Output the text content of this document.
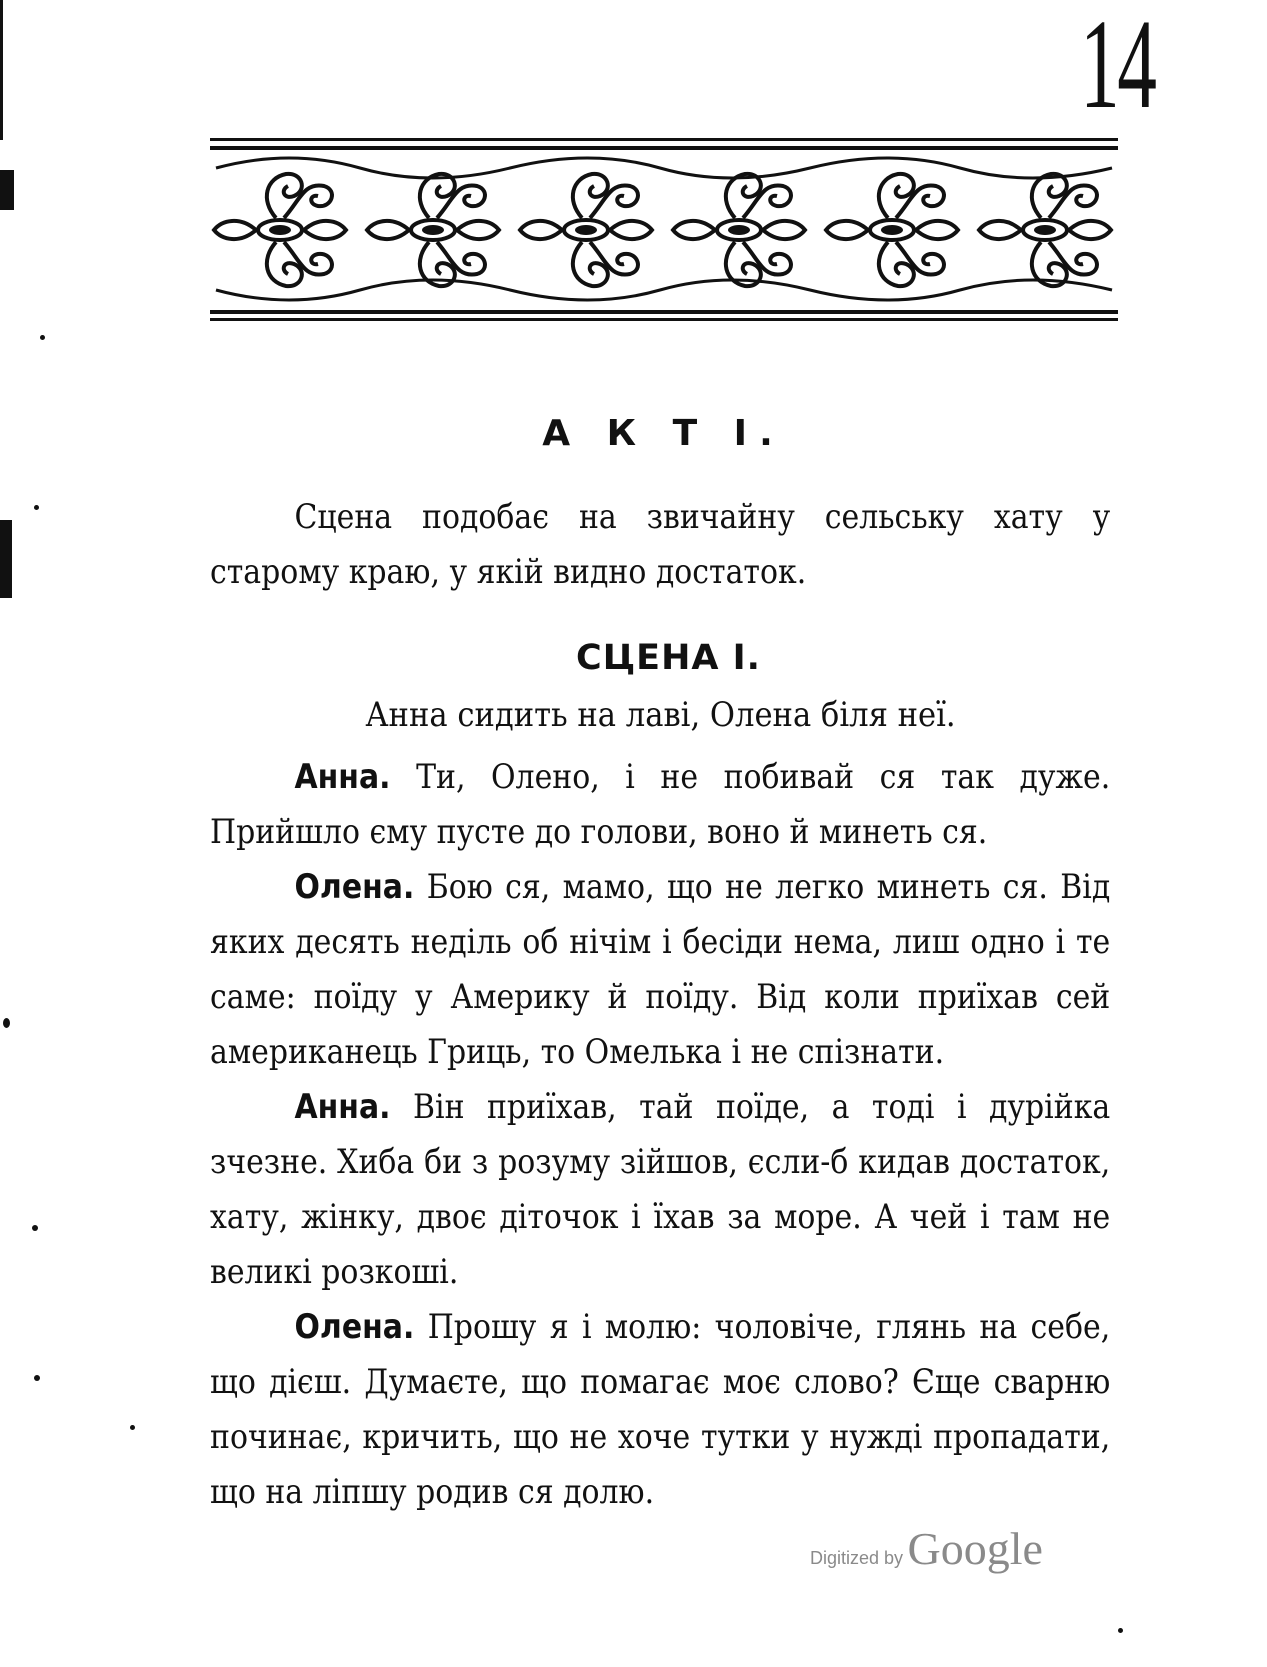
14
А К Т I.

Сцена подобає на звичайну сельську хату у старому краю, у якій видно достаток.

СЦЕНА I.
Анна сидить на лаві, Олена біля неї.

Анна. Ти, Олено, і не побивай ся так дуже. Прийшло єму пусте до голови, воно й минеть ся.

Олена. Бою ся, мамо, що не легко минеть ся. Від яких десять неділь об нічім і бесіди нема, лиш одно і те саме: поїду у Америку й поїду. Від коли приїхав сей американець Гриць, то Омелька і не спізнати.

Анна. Він приїхав, тай поїде, а тоді і дурійка зчезне. Хиба би з розуму зійшов, єсли-б кидав достаток, хату, жінку, двоє діточок і їхав за море. А чей і там не великі розкоші.

Олена. Прошу я і молю: чоловіче, глянь на себе, що дієш. Думаєте, що помагає моє слово? Єще сварню починає, кричить, що не хоче тутки у нужді пропадати, що на ліпшу родив ся долю.

Digitized by Google
